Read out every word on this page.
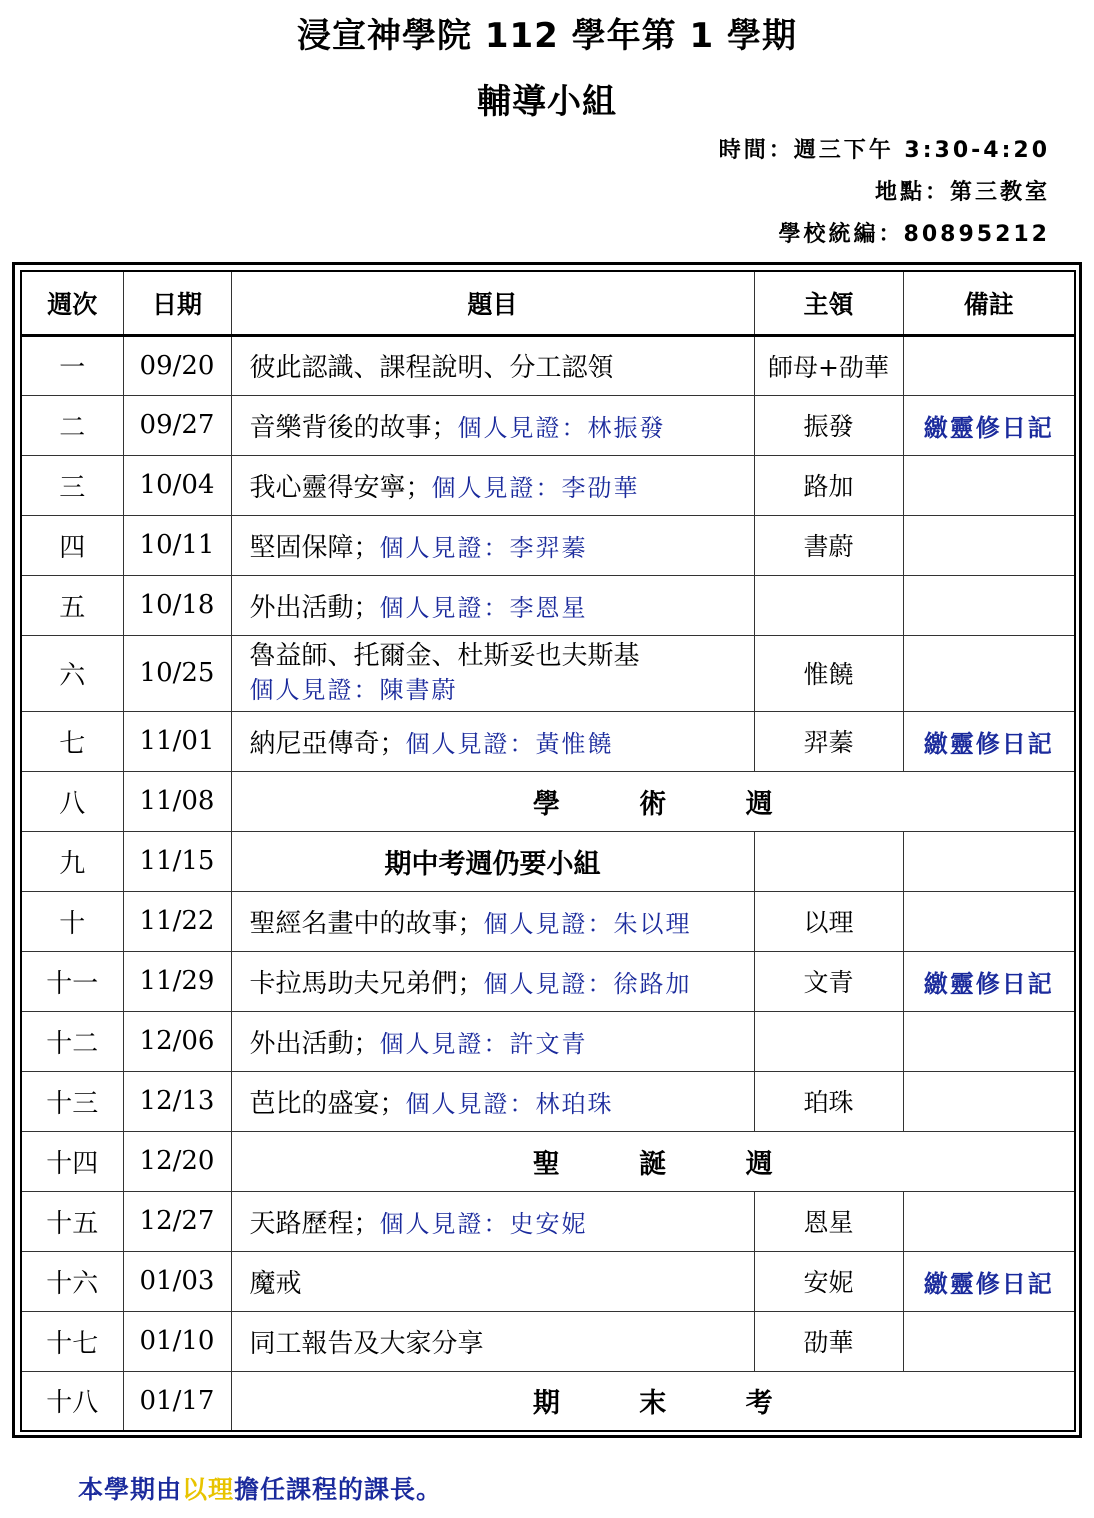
浸宣神學院 112 學年第 1 學期
輔導小組
時間：週三下午 3:30-4:20
地點：第三教室
學校統編：80895212
週次	日期	題目	主領	備註
一	09/20	彼此認識、課程說明、分工認領	師母+劭華	
二	09/27	音樂背後的故事；個人見證：林振發	振發	繳靈修日記
三	10/04	我心靈得安寧；個人見證：李劭華	路加	
四	10/11	堅固保障；個人見證：李羿蓁	書蔚	
五	10/18	外出活動；個人見證：李恩星		
六	10/25	魯益師、托爾金、杜斯妥也夫斯基
個人見證：陳書蔚	惟饒	
七	11/01	納尼亞傳奇；個人見證：黃惟饒	羿蓁	繳靈修日記
八	11/08	學 術 週		
九	11/15	期中考週仍要小組		
十	11/22	聖經名畫中的故事；個人見證：朱以理	以理	
十一	11/29	卡拉馬助夫兄弟們；個人見證：徐路加	文青	繳靈修日記
十二	12/06	外出活動；個人見證：許文青		
十三	12/13	芭比的盛宴；個人見證：林珀珠	珀珠	
十四	12/20	聖 誕 週		
十五	12/27	天路歷程；個人見證：史安妮	恩星	
十六	01/03	魔戒	安妮	繳靈修日記
十七	01/10	同工報告及大家分享	劭華	
十八	01/17	期 末 考		
本學期由以理擔任課程的課長。
